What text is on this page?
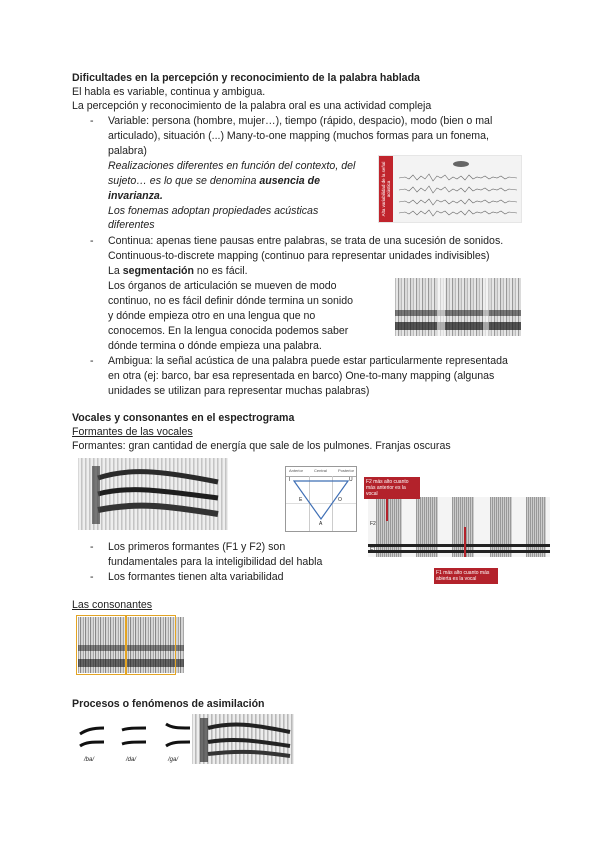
Dificultades en la percepción y reconocimiento de la palabra hablada
El habla es variable, continua y ambigua.
La percepción y reconocimiento de la palabra oral es una actividad compleja
-	Variable: persona (hombre, mujer…), tiempo (rápido, despacio), modo (bien o mal
articulado), situación (...) Many-to-one mapping (muchos formas para un fonema,
palabra)
Realizaciones diferentes en función del contexto, del
sujeto… es lo que se denomina ausencia de
invarianza.
Los fonemas adoptan propiedades acústicas
diferentes
Alta variabilidad de la señal acústica
-	Continua: apenas tiene pausas entre palabras, se trata de una sucesión de sonidos.
Continuous-to-discrete mapping (continuo para representar unidades indivisibles)
La segmentación no es fácil.
Los órganos de articulación se mueven de modo
continuo, no es fácil definir dónde termina un sonido
y dónde empieza otro en una lengua que no
conocemos. En la lengua conocida podemos saber
dónde termina o dónde empieza una palabra.
-	Ambigua: la señal acústica de una palabra puede estar particularmente representada
en otra (ej: barco, bar esa representada en barco) One-to-many mapping (algunas
unidades se utilizan para representar muchas palabras)
Vocales y consonantes en el espectrograma
Formantes de las vocales
Formantes: gran cantidad de energía que sale de los pulmones. Franjas oscuras
Anterior	Central	Posterior
I	U
E	O
A	F2
F1
F2 más alto cuanto más anterior es la vocal
F1 más alto cuanto más abierta es la vocal
-	Los primeros formantes (F1 y F2) son
fundamentales para la inteligibilidad del habla
-	Los formantes tienen alta variabilidad
Las consonantes
Procesos o fenómenos de asimilación
/ba/	/da/	/ga/
